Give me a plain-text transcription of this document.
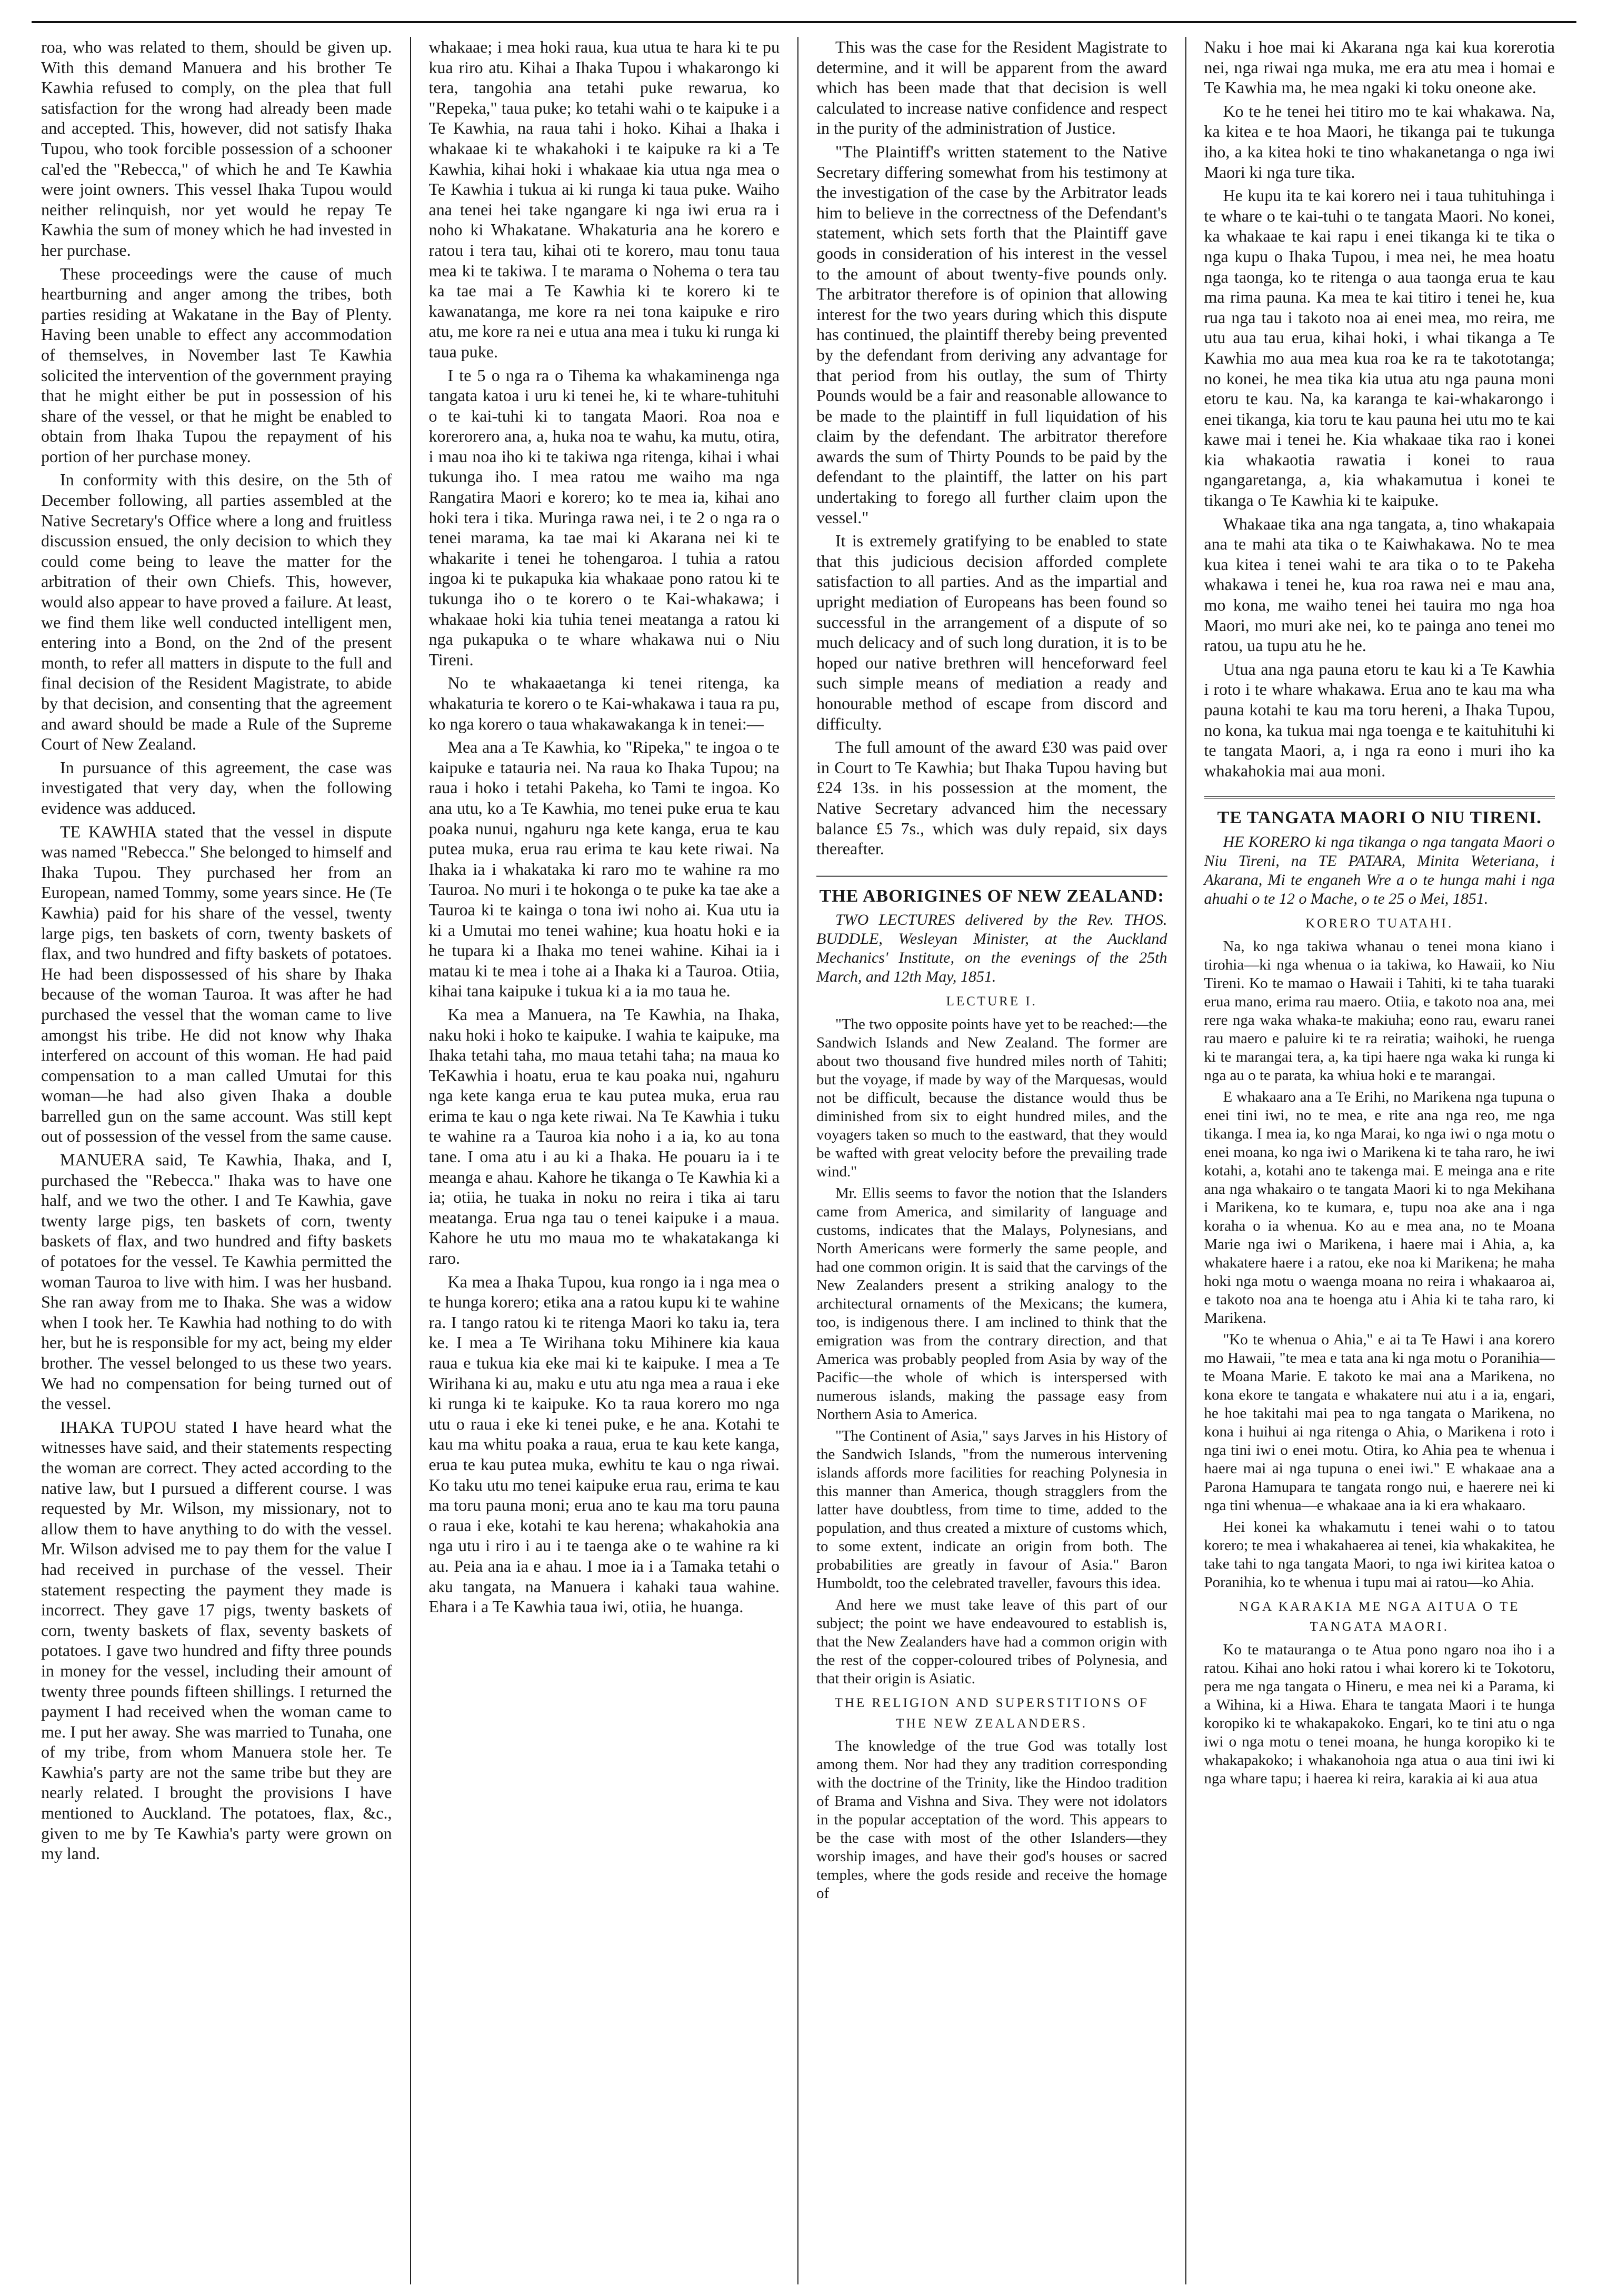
roa, who was related to them, should be given up. With this demand Manuera and his brother Te Kawhia refused to comply, on the plea that full satisfaction for the wrong had already been made and accepted. This, however, did not satisfy Ihaka Tupou, who took forcible possession of a schooner cal'ed the "Rebecca," of which he and Te Kawhia were joint owners. This vessel Ihaka Tupou would neither relinquish, nor yet would he repay Te Kawhia the sum of money which he had invested in her purchase.

These proceedings were the cause of much heartburning and anger among the tribes, both parties residing at Wakatane in the Bay of Plenty. Having been unable to effect any accommodation of themselves, in November last Te Kawhia solicited the intervention of the government praying that he might either be put in possession of his share of the vessel, or that he might be enabled to obtain from Ihaka Tupou the repayment of his portion of her purchase money.

In conformity with this desire, on the 5th of December following, all parties assembled at the Native Secretary's Office where a long and fruitless discussion ensued, the only decision to which they could come being to leave the matter for the arbitration of their own Chiefs. This, however, would also appear to have proved a failure. At least, we find them like well conducted intelligent men, entering into a Bond, on the 2nd of the present month, to refer all matters in dispute to the full and final decision of the Resident Magistrate, to abide by that decision, and consenting that the agreement and award should be made a Rule of the Supreme Court of New Zealand.

In pursuance of this agreement, the case was investigated that very day, when the following evidence was adduced.

TE KAWHIA stated that the vessel in dispute was named "Rebecca." She belonged to himself and Ihaka Tupou. They purchased her from an European, named Tommy, some years since. He (Te Kawhia) paid for his share of the vessel, twenty large pigs, ten baskets of corn, twenty baskets of flax, and two hundred and fifty baskets of potatoes. He had been dispossessed of his share by Ihaka because of the woman Tauroa. It was after he had purchased the vessel that the woman came to live amongst his tribe. He did not know why Ihaka interfered on account of this woman. He had paid compensation to a man called Umutai for this woman—he had also given Ihaka a double barrelled gun on the same account. Was still kept out of possession of the vessel from the same cause.

MANUERA said, Te Kawhia, Ihaka, and I, purchased the "Rebecca." Ihaka was to have one half, and we two the other. I and Te Kawhia, gave twenty large pigs, ten baskets of corn, twenty baskets of flax, and two hundred and fifty baskets of potatoes for the vessel. Te Kawhia permitted the woman Tauroa to live with him. I was her husband. She ran away from me to Ihaka. She was a widow when I took her. Te Kawhia had nothing to do with her, but he is responsible for my act, being my elder brother. The vessel belonged to us these two years. We had no compensation for being turned out of the vessel.

IHAKA TUPOU stated I have heard what the witnesses have said, and their statements respecting the woman are correct. They acted according to the native law, but I pursued a different course. I was requested by Mr. Wilson, my missionary, not to allow them to have anything to do with the vessel. Mr. Wilson advised me to pay them for the value I had received in purchase of the vessel. Their statement respecting the payment they made is incorrect. They gave 17 pigs, twenty baskets of corn, twenty baskets of flax, seventy baskets of potatoes. I gave two hundred and fifty three pounds in money for the vessel, including their amount of twenty three pounds fifteen shillings. I returned the payment I had received when the woman came to me. I put her away. She was married to Tunaha, one of my tribe, from whom Manuera stole her. Te Kawhia's party are not the same tribe but they are nearly related. I brought the provisions I have mentioned to Auckland. The potatoes, flax, &c., given to me by Te Kawhia's party were grown on my land.

whakaae; i mea hoki raua, kua utua te hara ki te pu kua riro atu. Kihai a Ihaka Tupou i whakarongo ki tera, tangohia ana tetahi puke rewarua, ko "Repeka," taua puke; ko tetahi wahi o te kaipuke i a Te Kawhia, na raua tahi i hoko. Kihai a Ihaka i whakaae ki te whakahoki i te kaipuke ra ki a Te Kawhia, kihai hoki i whakaae kia utua nga mea o Te Kawhia i tukua ai ki runga ki taua puke. Waiho ana tenei hei take ngangare ki nga iwi erua ra i noho ki Whakatane. Whakaturia ana he korero e ratou i tera tau, kihai oti te korero, mau tonu taua mea ki te takiwa. I te marama o Nohema o tera tau ka tae mai a Te Kawhia ki te korero ki te kawanatanga, me kore ra nei tona kaipuke e riro atu, me kore ra nei e utua ana mea i tuku ki runga ki taua puke.

I te 5 o nga ra o Tihema ka whakaminenga nga tangata katoa i uru ki tenei he, ki te whare-tuhituhi o te kai-tuhi ki to tangata Maori. Roa noa e korerorero ana, a, huka noa te wahu, ka mutu, otira, i mau noa iho ki te takiwa nga ritenga, kihai i whai tukunga iho. I mea ratou me waiho ma nga Rangatira Maori e korero; ko te mea ia, kihai ano hoki tera i tika. Muringa rawa nei, i te 2 o nga ra o tenei marama, ka tae mai ki Akarana nei ki te whakarite i tenei he tohengaroa. I tuhia a ratou ingoa ki te pukapuka kia whakaae pono ratou ki te tukunga iho o te korero o te Kai-whakawa; i whakaae hoki kia tuhia tenei meatanga a ratou ki nga pukapuka o te whare whakawa nui o Niu Tireni.

No te whakaaetanga ki tenei ritenga, ka whakaturia te korero o te Kai-whakawa i taua ra pu, ko nga korero o taua whakawakanga k in tenei:—

Mea ana a Te Kawhia, ko "Ripeka," te ingoa o te kaipuke e tatauria nei. Na raua ko Ihaka Tupou; na raua i hoko i tetahi Pakeha, ko Tami te ingoa. Ko ana utu, ko a Te Kawhia, mo tenei puke erua te kau poaka nunui, ngahuru nga kete kanga, erua te kau putea muka, erua rau erima te kau kete riwai. Na Ihaka ia i whakataka ki raro mo te wahine ra mo Tauroa. No muri i te hokonga o te puke ka tae ake a Tauroa ki te kainga o tona iwi noho ai. Kua utu ia ki a Umutai mo tenei wahine; kua hoatu hoki e ia he tupara ki a Ihaka mo tenei wahine. Kihai ia i matau ki te mea i tohe ai a Ihaka ki a Tauroa. Otiia, kihai tana kaipuke i tukua ki a ia mo taua he.

Ka mea a Manuera, na Te Kawhia, na Ihaka, naku hoki i hoko te kaipuke. I wahia te kaipuke, ma Ihaka tetahi taha, mo maua tetahi taha; na maua ko TeKawhia i hoatu, erua te kau poaka nui, ngahuru nga kete kanga erua te kau putea muka, erua rau erima te kau o nga kete riwai. Na Te Kawhia i tuku te wahine ra a Tauroa kia noho i a ia, ko au tona tane. I oma atu i au ki a Ihaka. He pouaru ia i te meanga e ahau. Kahore he tikanga o Te Kawhia ki a ia; otiia, he tuaka in noku no reira i tika ai taru meatanga. Erua nga tau o tenei kaipuke i a maua. Kahore he utu mo maua mo te whakatakanga ki raro.

Ka mea a Ihaka Tupou, kua rongo ia i nga mea o te hunga korero; etika ana a ratou kupu ki te wahine ra. I tango ratou ki te ritenga Maori ko taku ia, tera ke. I mea a Te Wirihana toku Mihinere kia kaua raua e tukua kia eke mai ki te kaipuke. I mea a Te Wirihana ki au, maku e utu atu nga mea a raua i eke ki runga ki te kaipuke. Ko ta raua korero mo nga utu o raua i eke ki tenei puke, e he ana. Kotahi te kau ma whitu poaka a raua, erua te kau kete kanga, erua te kau putea muka, ewhitu te kau o nga riwai. Ko taku utu mo tenei kaipuke erua rau, erima te kau ma toru pauna moni; erua ano te kau ma toru pauna o raua i eke, kotahi te kau herena; whakahokia ana nga utu i riro i au i te taenga ake o te wahine ra ki au. Peia ana ia e ahau. I moe ia i a Tamaka tetahi o aku tangata, na Manuera i kahaki taua wahine. Ehara i a Te Kawhia taua iwi, otiia, he huanga.

This was the case for the Resident Magistrate to determine, and it will be apparent from the award which has been made that that decision is well calculated to increase native confidence and respect in the purity of the administration of Justice.

"The Plaintiff's written statement to the Native Secretary differing somewhat from his testimony at the investigation of the case by the Arbitrator leads him to believe in the correctness of the Defendant's statement, which sets forth that the Plaintiff gave goods in consideration of his interest in the vessel to the amount of about twenty-five pounds only. The arbitrator therefore is of opinion that allowing interest for the two years during which this dispute has continued, the plaintiff thereby being prevented by the defendant from deriving any advantage for that period from his outlay, the sum of Thirty Pounds would be a fair and reasonable allowance to be made to the plaintiff in full liquidation of his claim by the defendant. The arbitrator therefore awards the sum of Thirty Pounds to be paid by the defendant to the plaintiff, the latter on his part undertaking to forego all further claim upon the vessel."

It is extremely gratifying to be enabled to state that this judicious decision afforded complete satisfaction to all parties. And as the impartial and upright mediation of Europeans has been found so successful in the arrangement of a dispute of so much delicacy and of such long duration, it is to be hoped our native brethren will henceforward feel such simple means of mediation a ready and honourable method of escape from discord and difficulty.

The full amount of the award £30 was paid over in Court to Te Kawhia; but Ihaka Tupou having but £24 13s. in his possession at the moment, the Native Secretary advanced him the necessary balance £5 7s., which was duly repaid, six days thereafter.

THE ABORIGINES OF NEW ZEALAND:

TWO LECTURES delivered by the Rev. THOS. BUDDLE, Wesleyan Minister, at the Auckland Mechanics' Institute, on the evenings of the 25th March, and 12th May, 1851.

LECTURE I.

"The two opposite points have yet to be reached:—the Sandwich Islands and New Zealand. The former are about two thousand five hundred miles north of Tahiti; but the voyage, if made by way of the Marquesas, would not be difficult, because the distance would thus be diminished from six to eight hundred miles, and the voyagers taken so much to the eastward, that they would be wafted with great velocity before the prevailing trade wind."

Mr. Ellis seems to favor the notion that the Islanders came from America, and similarity of language and customs, indicates that the Malays, Polynesians, and North Americans were formerly the same people, and had one common origin. It is said that the carvings of the New Zealanders present a striking analogy to the architectural ornaments of the Mexicans; the kumera, too, is indigenous there. I am inclined to think that the emigration was from the contrary direction, and that America was probably peopled from Asia by way of the Pacific—the whole of which is interspersed with numerous islands, making the passage easy from Northern Asia to America.

"The Continent of Asia," says Jarves in his History of the Sandwich Islands, "from the numerous intervening islands affords more facilities for reaching Polynesia in this manner than America, though stragglers from the latter have doubtless, from time to time, added to the population, and thus created a mixture of customs which, to some extent, indicate an origin from both. The probabilities are greatly in favour of Asia." Baron Humboldt, too the celebrated traveller, favours this idea.

And here we must take leave of this part of our subject; the point we have endeavoured to establish is, that the New Zealanders have had a common origin with the rest of the copper-coloured tribes of Polynesia, and that their origin is Asiatic.

THE RELIGION AND SUPERSTITIONS OF THE NEW ZEALANDERS.

The knowledge of the true God was totally lost among them. Nor had they any tradition corresponding with the doctrine of the Trinity, like the Hindoo tradition of Brama and Vishna and Siva. They were not idolators in the popular acceptation of the word. This appears to be the case with most of the other Islanders—they worship images, and have their god's houses or sacred temples, where the gods reside and receive the homage of

Naku i hoe mai ki Akarana nga kai kua korerotia nei, nga riwai nga muka, me era atu mea i homai e Te Kawhia ma, he mea ngaki ki toku oneone ake.

Ko te he tenei hei titiro mo te kai whakawa. Na, ka kitea e te hoa Maori, he tikanga pai te tukunga iho, a ka kitea hoki te tino whakanetanga o nga iwi Maori ki nga ture tika.

He kupu ita te kai korero nei i taua tuhituhinga i te whare o te kai-tuhi o te tangata Maori. No konei, ka whakaae te kai rapu i enei tikanga ki te tika o nga kupu o Ihaka Tupou, i mea nei, he mea hoatu nga taonga, ko te ritenga o aua taonga erua te kau ma rima pauna. Ka mea te kai titiro i tenei he, kua rua nga tau i takoto noa ai enei mea, mo reira, me utu aua tau erua, kihai hoki, i whai tikanga a Te Kawhia mo aua mea kua roa ke ra te takototanga; no konei, he mea tika kia utua atu nga pauna moni etoru te kau. Na, ka karanga te kai-whakarongo i enei tikanga, kia toru te kau pauna hei utu mo te kai kawe mai i tenei he. Kia whakaae tika rao i konei kia whakaotia rawatia i konei to raua ngangaretanga, a, kia whakamutua i konei te tikanga o Te Kawhia ki te kaipuke.

Whakaae tika ana nga tangata, a, tino whakapaia ana te mahi ata tika o te Kaiwhakawa. No te mea kua kitea i tenei wahi te ara tika o to te Pakeha whakawa i tenei he, kua roa rawa nei e mau ana, mo kona, me waiho tenei hei tauira mo nga hoa Maori, mo muri ake nei, ko te painga ano tenei mo ratou, ua tupu atu he he.

Utua ana nga pauna etoru te kau ki a Te Kawhia i roto i te whare whakawa. Erua ano te kau ma wha pauna kotahi te kau ma toru hereni, a Ihaka Tupou, no kona, ka tukua mai nga toenga e te kaituhituhi ki te tangata Maori, a, i nga ra eono i muri iho ka whakahokia mai aua moni.

TE TANGATA MAORI O NIU TIRENI.

HE KORERO ki nga tikanga o nga tangata Maori o Niu Tireni, na TE PATARA, Minita Weteriana, i Akarana, Mi te enganeh Wre a o te hunga mahi i nga ahuahi o te 12 o Mache, o te 25 o Mei, 1851.

KORERO TUATAHI.

Na, ko nga takiwa whanau o tenei mona kiano i tirohia—ki nga whenua o ia takiwa, ko Hawaii, ko Niu Tireni. Ko te mamao o Hawaii i Tahiti, ki te taha tuaraki erua mano, erima rau maero. Otiia, e takoto noa ana, mei rere nga waka whaka-te makiuha; eono rau, ewaru ranei rau maero e paluire ki te ra reiratia; waihoki, he ruenga ki te marangai tera, a, ka tipi haere nga waka ki runga ki nga au o te parata, ka whiua hoki e te marangai.

E whakaaro ana a Te Erihi, no Marikena nga tupuna o enei tini iwi, no te mea, e rite ana nga reo, me nga tikanga. I mea ia, ko nga Marai, ko nga iwi o nga motu o enei moana, ko nga iwi o Marikena ki te taha raro, he iwi kotahi, a, kotahi ano te takenga mai. E meinga ana e rite ana nga whakairo o te tangata Maori ki to nga Mekihana i Marikena, ko te kumara, e, tupu noa ake ana i nga koraha o ia whenua. Ko au e mea ana, no te Moana Marie nga iwi o Marikena, i haere mai i Ahia, a, ka whakatere haere i a ratou, eke noa ki Marikena; he maha hoki nga motu o waenga moana no reira i whakaaroa ai, e takoto noa ana te hoenga atu i Ahia ki te taha raro, ki Marikena.

"Ko te whenua o Ahia," e ai ta Te Hawi i ana korero mo Hawaii, "te mea e tata ana ki nga motu o Poranihia—te Moana Marie. E takoto ke mai ana a Marikena, no kona ekore te tangata e whakatere nui atu i a ia, engari, he hoe takitahi mai pea to nga tangata o Marikena, no kona i huihui ai nga ritenga o Ahia, o Marikena i roto i nga tini iwi o enei motu. Otira, ko Ahia pea te whenua i haere mai ai nga tupuna o enei iwi." E whakaae ana a Parona Hamupara te tangata rongo nui, e haerere nei ki nga tini whenua—e whakaae ana ia ki era whakaaro.

Hei konei ka whakamutu i tenei wahi o to tatou korero; te mea i whakahaerea ai tenei, kia whakakitea, he take tahi to nga tangata Maori, to nga iwi kiritea katoa o Poranihia, ko te whenua i tupu mai ai ratou—ko Ahia.

NGA KARAKIA ME NGA AITUA O TE TANGATA MAORI.

Ko te matauranga o te Atua pono ngaro noa iho i a ratou. Kihai ano hoki ratou i whai korero ki te Tokotoru, pera me nga tangata o Hineru, e mea nei ki a Parama, ki a Wihina, ki a Hiwa. Ehara te tangata Maori i te hunga koropiko ki te whakapakoko. Engari, ko te tini atu o nga iwi o nga motu o tenei moana, he hunga koropiko ki te whakapakoko; i whakanohoia nga atua o aua tini iwi ki nga whare tapu; i haerea ki reira, karakia ai ki aua atua
